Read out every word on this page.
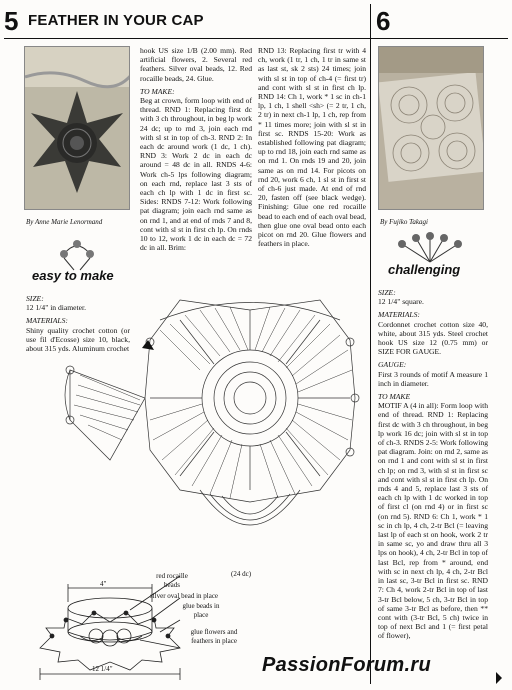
5 FEATHER IN YOUR CAP	6
By Anne Marie Lenormand
easy to make
SIZE:
12 1/4" in diameter.
MATERIALS:
Shiny quality crochet cotton (or use fil d'Ecosse) size 10, black, about 315 yds. Aluminum crochet
hook US size 1/B (2.00 mm). Red artificial flowers, 2. Several red feathers. Silver oval beads, 12. Red rocaille beads, 24. Glue.
TO MAKE:
Beg at crown, form loop with end of thread. RND 1: Replacing first dc with 3 ch throughout, in beg lp work 24 dc; up to rnd 3, join each rnd with sl st in top of ch-3. RND 2: In each dc around work (1 dc, 1 ch). RND 3: Work 2 dc in each dc around = 48 dc in all. RNDS 4-6: Work ch-5 lps following diagram; on each rnd, replace last 3 sts of each ch lp with 1 dc in first sc. Sides: RNDS 7-12: Work following pat diagram; join each rnd same as on rnd 1, and at end of rnds 7 and 8, cont with sl st in first ch lp. On rnds 10 to 12, work 1 dc in each dc = 72 dc in all. Brim:
RND 13: Replacing first tr with 4 ch, work (1 tr, 1 ch, 1 tr in same st as last st, sk 2 sts) 24 times; join with sl st in top of ch-4 (= first tr) and cont with sl st in first ch lp. RND 14: Ch 1, work * 1 sc in ch-1 lp, 1 ch, 1 shell <sh> (= 2 tr, 1 ch, 2 tr) in next ch-1 lp, 1 ch, rep from * 11 times more; join with sl st in first sc. RNDS 15-20: Work as established following pat diagram; up to rnd 18, join each rnd same as on rnd 1. On rnds 19 and 20, join same as on rnd 14. For picots on rnd 20, work 6 ch, 1 sl st in first st of ch-6 just made. At end of rnd 20, fasten off (see black wedge). Finishing: Glue one red rocaille bead to each end of each oval bead, then glue one oval bead onto each picot on rnd 20. Glue flowers and feathers in place.
(24 dc)
4"
12 1/4"
red rocaille beads
silver oval bead in place
glue beads in place
glue flowers and feathers in place
By Fujiko Takagi
challenging
SIZE:
12 1/4" square.
MATERIALS:
Cordonnet crochet cotton size 40, white, about 315 yds. Steel crochet hook US size 12 (0.75 mm) or SIZE FOR GAUGE.
GAUGE:
First 3 rounds of motif A measure 1 inch in diameter.
TO MAKE
MOTIF A (4 in all): Form loop with end of thread. RND 1: Replacing first dc with 3 ch throughout, in beg lp work 16 dc; join with sl st in top of ch-3. RNDS 2-5: Work following pat diagram. Join: on rnd 2, same as on rnd 1 and cont with sl st in first ch lp; on rnd 3, with sl st in first sc and cont with sl st in first ch lp. On rnds 4 and 5, replace last 3 sts of each ch lp with 1 dc worked in top of first cl (on rnd 4) or in first sc (on rnd 5). RND 6: Ch 1, work * 1 sc in ch lp, 4 ch, 2-tr Bcl (= leaving last lp of each st on hook, work 2 tr in same sc, yo and draw thru all 3 lps on hook), 4 ch, 2-tr Bcl in top of last Bcl, rep from * around, end with sc in next ch lp, 4 ch, 2-tr Bcl in last sc, 3-tr Bcl in first sc. RND 7: Ch 4, work 2-tr Bcl in top of last 3-tr Bcl below, 5 ch, 3-tr Bcl in top of same 3-tr Bcl as before, then ** cont with (3-tr Bcl, 5 ch) twice in top of next Bcl and 1 (= first petal of flower),
PassionForum.ru
